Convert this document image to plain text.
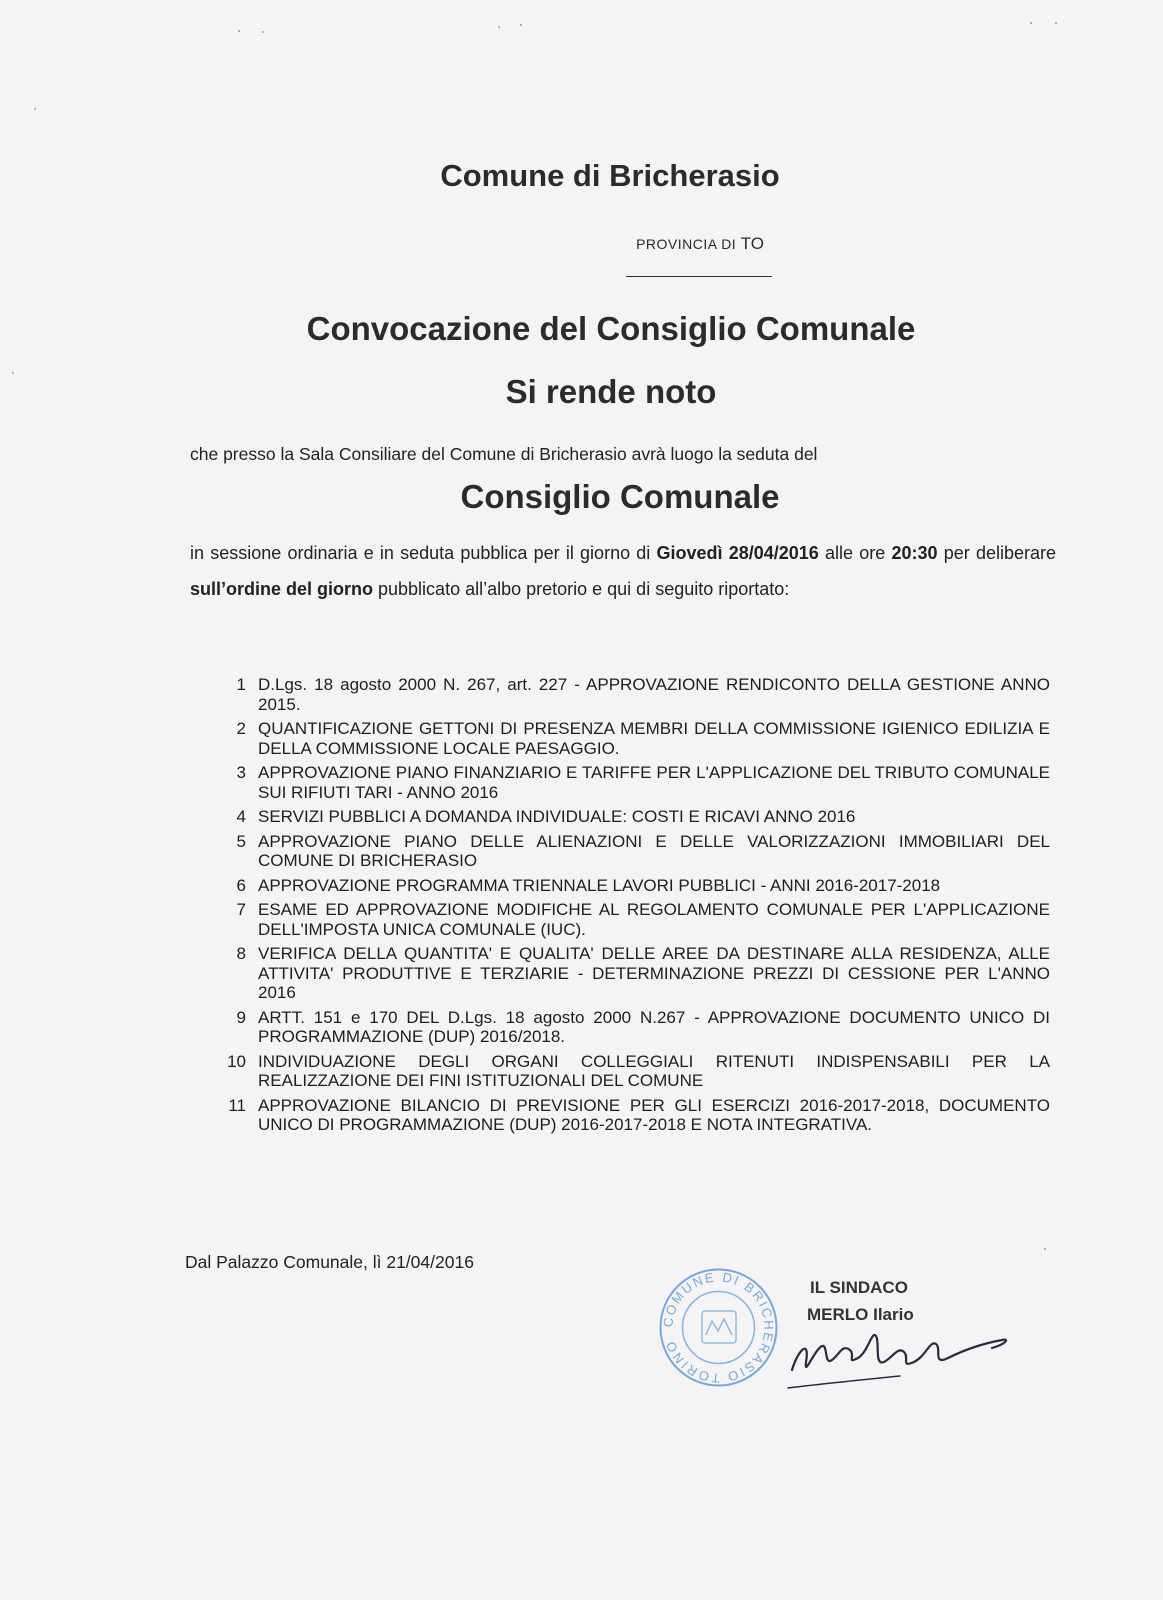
Comune di Bricherasio
PROVINCIA DI TO
Convocazione del Consiglio Comunale
Si rende noto
che presso la Sala Consiliare del Comune di Bricherasio avrà luogo la seduta del
Consiglio Comunale
in sessione ordinaria e in seduta pubblica per il giorno di Giovedì 28/04/2016 alle ore 20:30 per deliberare sull’ordine del giorno pubblicato all’albo pretorio e qui di seguito riportato:
1 D.Lgs. 18 agosto 2000 N. 267, art. 227 - APPROVAZIONE RENDICONTO DELLA GESTIONE ANNO 2015.
2 QUANTIFICAZIONE GETTONI DI PRESENZA MEMBRI DELLA COMMISSIONE IGIENICO EDILIZIA E DELLA COMMISSIONE LOCALE PAESAGGIO.
3 APPROVAZIONE PIANO FINANZIARIO E TARIFFE PER L'APPLICAZIONE DEL TRIBUTO COMUNALE SUI RIFIUTI TARI - ANNO 2016
4 SERVIZI PUBBLICI A DOMANDA INDIVIDUALE: COSTI E RICAVI ANNO 2016
5 APPROVAZIONE PIANO DELLE ALIENAZIONI E DELLE VALORIZZAZIONI IMMOBILIARI DEL COMUNE DI BRICHERASIO
6 APPROVAZIONE PROGRAMMA TRIENNALE LAVORI PUBBLICI - ANNI 2016-2017-2018
7 ESAME ED APPROVAZIONE MODIFICHE AL REGOLAMENTO COMUNALE PER L'APPLICAZIONE DELL'IMPOSTA UNICA COMUNALE (IUC).
8 VERIFICA DELLA QUANTITA' E QUALITA' DELLE AREE DA DESTINARE ALLA RESIDENZA, ALLE ATTIVITA' PRODUTTIVE E TERZIARIE - DETERMINAZIONE PREZZI DI CESSIONE PER L'ANNO 2016
9 ARTT. 151 e 170 DEL D.Lgs. 18 agosto 2000 N.267 - APPROVAZIONE DOCUMENTO UNICO DI PROGRAMMAZIONE (DUP) 2016/2018.
10 INDIVIDUAZIONE DEGLI ORGANI COLLEGGIALI RITENUTI INDISPENSABILI PER LA REALIZZAZIONE DEI FINI ISTITUZIONALI DEL COMUNE
11 APPROVAZIONE BILANCIO DI PREVISIONE PER GLI ESERCIZI 2016-2017-2018, DOCUMENTO UNICO DI PROGRAMMAZIONE (DUP) 2016-2017-2018 E NOTA INTEGRATIVA.
Dal Palazzo Comunale, lì 21/04/2016
COMUNE DI BRICHERASIO TORINO
IL SINDACO
MERLO Ilario
